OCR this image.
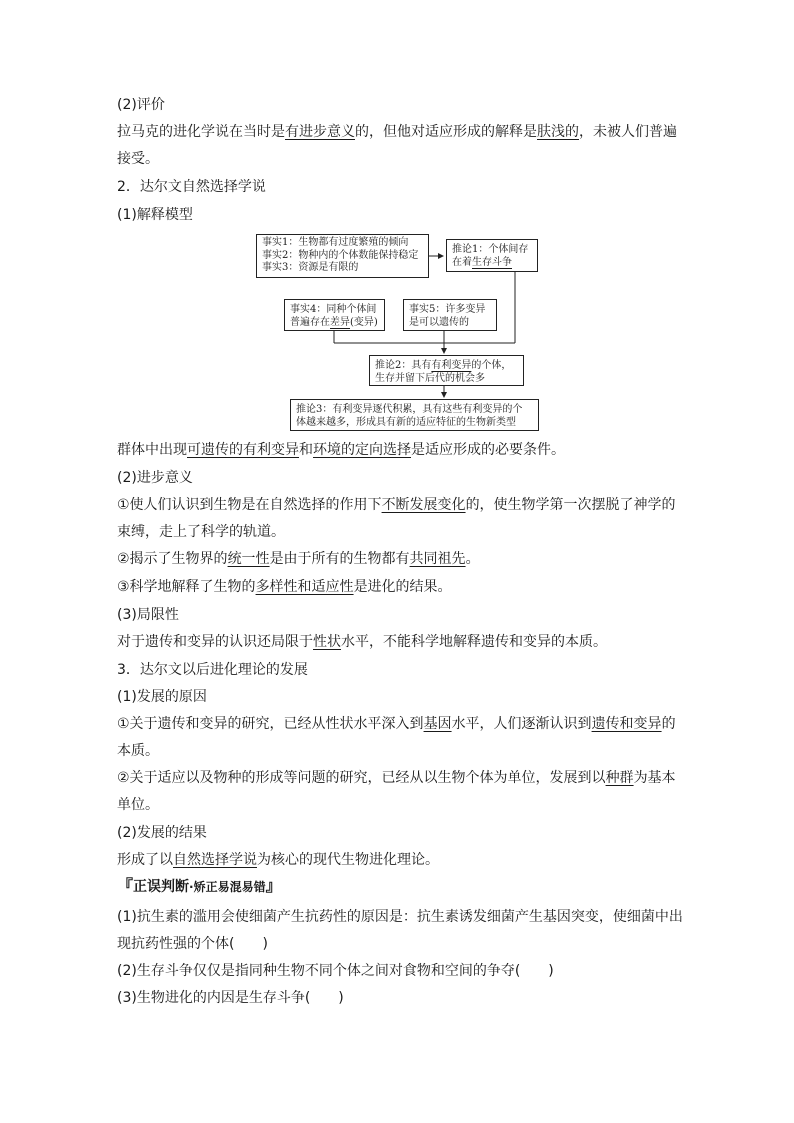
(2)评价
拉马克的进化学说在当时是有进步意义的，但他对适应形成的解释是肤浅的，未被人们普遍
接受。
2．达尔文自然选择学说
(1)解释模型
事实1：生物都有过度繁殖的倾向
事实2：物种内的个体数能保持稳定
事实3：资源是有限的
推论1：个体间存
在着生存斗争
事实4：同种个体间
普遍存在差异(变异)
事实5：许多变异
是可以遗传的
推论2：具有有利变异的个体，
生存并留下后代的机会多
推论3：有利变异逐代积累，具有这些有利变异的个
体越来越多，形成具有新的适应特征的生物新类型
群体中出现可遗传的有利变异和环境的定向选择是适应形成的必要条件。
(2)进步意义
①使人们认识到生物是在自然选择的作用下不断发展变化的，使生物学第一次摆脱了神学的
束缚，走上了科学的轨道。
②揭示了生物界的统一性是由于所有的生物都有共同祖先。
③科学地解释了生物的多样性和适应性是进化的结果。
(3)局限性
对于遗传和变异的认识还局限于性状水平，不能科学地解释遗传和变异的本质。
3．达尔文以后进化理论的发展
(1)发展的原因
①关于遗传和变异的研究，已经从性状水平深入到基因水平，人们逐渐认识到遗传和变异的
本质。
②关于适应以及物种的形成等问题的研究，已经从以生物个体为单位，发展到以种群为基本
单位。
(2)发展的结果
形成了以自然选择学说为核心的现代生物进化理论。
『正误判断·矫正易混易错』
(1)抗生素的滥用会使细菌产生抗药性的原因是：抗生素诱发细菌产生基因突变，使细菌中出
现抗药性强的个体(　　)
(2)生存斗争仅仅是指同种生物不同个体之间对食物和空间的争夺(　　)
(3)生物进化的内因是生存斗争(　　)
